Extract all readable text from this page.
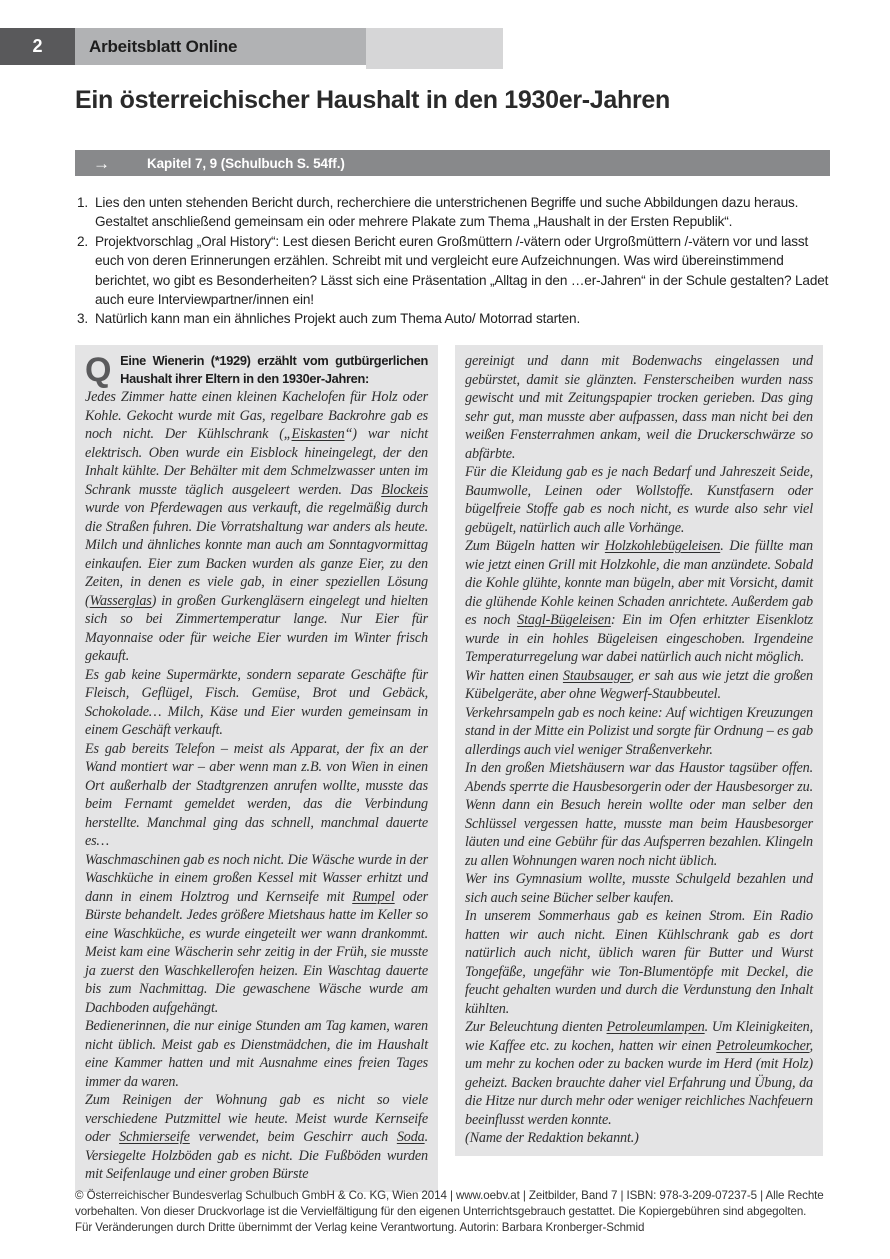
2	Arbeitsblatt Online
Ein österreichischer Haushalt in den 1930er-Jahren
→	Kapitel 7, 9 (Schulbuch S. 54ff.)
1. Lies den unten stehenden Bericht durch, recherchiere die unterstrichenen Begriffe und suche Abbildungen dazu heraus. Gestaltet anschließend gemeinsam ein oder mehrere Plakate zum Thema „Haushalt in der Ersten Republik“.
2. Projektvorschlag „Oral History“: Lest diesen Bericht euren Großmüttern /-vätern oder Urgroßmüttern /-vätern vor und lasst euch von deren Erinnerungen erzählen. Schreibt mit und vergleicht eure Aufzeichnungen. Was wird übereinstimmend berichtet, wo gibt es Besonderheiten? Lässt sich eine Präsentation „Alltag in den …er-Jahren“ in der Schule gestalten? Ladet auch eure Interviewpartner/innen ein!
3. Natürlich kann man ein ähnliches Projekt auch zum Thema Auto/ Motorrad starten.
Q Eine Wienerin (*1929) erzählt vom gutbürgerlichen Haushalt ihrer Eltern in den 1930er-Jahren:

Jedes Zimmer hatte einen kleinen Kachelofen für Holz oder Kohle. Gekocht wurde mit Gas, regelbare Backrohre gab es noch nicht. Der Kühlschrank („Eiskasten“) war nicht elektrisch. Oben wurde ein Eisblock hineingelegt, der den Inhalt kühlte. Der Behälter mit dem Schmelzwasser unten im Schrank musste täglich ausgeleert werden. Das Blockeis wurde von Pferdewagen aus verkauft, die regelmäßig durch die Straßen fuhren. Die Vorratshaltung war anders als heute. Milch und ähnliches konnte man auch am Sonntagvormittag einkaufen. Eier zum Backen wurden als ganze Eier, zu den Zeiten, in denen es viele gab, in einer speziellen Lösung (Wasserglas) in großen Gurkengläsern eingelegt und hielten sich so bei Zimmertemperatur lange. Nur Eier für Mayonnaise oder für weiche Eier wurden im Winter frisch gekauft.

Es gab keine Supermärkte, sondern separate Geschäfte für Fleisch, Geflügel, Fisch. Gemüse, Brot und Gebäck, Schokolade… Milch, Käse und Eier wurden gemeinsam in einem Geschäft verkauft.

Es gab bereits Telefon – meist als Apparat, der fix an der Wand montiert war – aber wenn man z.B. von Wien in einen Ort außerhalb der Stadtgrenzen anrufen wollte, musste das beim Fernamt gemeldet werden, das die Verbindung herstellte. Manchmal ging das schnell, manchmal dauerte es…

Waschmaschinen gab es noch nicht. Die Wäsche wurde in der Waschküche in einem großen Kessel mit Wasser erhitzt und dann in einem Holztrog und Kernseife mit Rumpel oder Bürste behandelt. Jedes größere Mietshaus hatte im Keller so eine Waschküche, es wurde eingeteilt wer wann drankommt. Meist kam eine Wäscherin sehr zeitig in der Früh, sie musste ja zuerst den Waschkellerofen heizen. Ein Waschtag dauerte bis zum Nachmittag. Die gewaschene Wäsche wurde am Dachboden aufgehängt.

Bedienerinnen, die nur einige Stunden am Tag kamen, waren nicht üblich. Meist gab es Dienstmädchen, die im Haushalt eine Kammer hatten und mit Ausnahme eines freien Tages immer da waren.

Zum Reinigen der Wohnung gab es nicht so viele verschiedene Putzmittel wie heute. Meist wurde Kernseife oder Schmierseife verwendet, beim Geschirr auch Soda. Versiegelte Holzböden gab es nicht. Die Fußböden wurden mit Seifenlauge und einer groben Bürste

gereinigt und dann mit Bodenwachs eingelassen und gebürstet, damit sie glänzten. Fensterscheiben wurden nass gewischt und mit Zeitungspapier trocken gerieben. Das ging sehr gut, man musste aber aufpassen, dass man nicht bei den weißen Fensterrahmen ankam, weil die Druckerschwärze so abfärbte.

Für die Kleidung gab es je nach Bedarf und Jahreszeit Seide, Baumwolle, Leinen oder Wollstoffe. Kunstfasern oder bügelfreie Stoffe gab es noch nicht, es wurde also sehr viel gebügelt, natürlich auch alle Vorhänge.

Zum Bügeln hatten wir Holzkohlebügeleisen. Die füllte man wie jetzt einen Grill mit Holzkohle, die man anzündete. Sobald die Kohle glühte, konnte man bügeln, aber mit Vorsicht, damit die glühende Kohle keinen Schaden anrichtete. Außerdem gab es noch Stagl-Bügeleisen: Ein im Ofen erhitzter Eisenklotz wurde in ein hohles Bügeleisen eingeschoben. Irgendeine Temperaturregelung war dabei natürlich auch nicht möglich.

Wir hatten einen Staubsauger, er sah aus wie jetzt die großen Kübelgeräte, aber ohne Wegwerf-Staubbeutel.

Verkehrsampeln gab es noch keine: Auf wichtigen Kreuzungen stand in der Mitte ein Polizist und sorgte für Ordnung – es gab allerdings auch viel weniger Straßenverkehr.

In den großen Mietshäusern war das Haustor tagsüber offen. Abends sperrte die Hausbesorgerin oder der Hausbesorger zu. Wenn dann ein Besuch herein wollte oder man selber den Schlüssel vergessen hatte, musste man beim Hausbesorger läuten und eine Gebühr für das Aufsperren bezahlen. Klingeln zu allen Wohnungen waren noch nicht üblich.

Wer ins Gymnasium wollte, musste Schulgeld bezahlen und sich auch seine Bücher selber kaufen.

In unserem Sommerhaus gab es keinen Strom. Ein Radio hatten wir auch nicht. Einen Kühlschrank gab es dort natürlich auch nicht, üblich waren für Butter und Wurst Tongefäße, ungefähr wie Ton-Blumentöpfe mit Deckel, die feucht gehalten wurden und durch die Verdunstung den Inhalt kühlten.

Zur Beleuchtung dienten Petroleumlampen. Um Kleinigkeiten, wie Kaffee etc. zu kochen, hatten wir einen Petroleumkocher, um mehr zu kochen oder zu backen wurde im Herd (mit Holz) geheizt. Backen brauchte daher viel Erfahrung und Übung, da die Hitze nur durch mehr oder weniger reichliches Nachfeuern beeinflusst werden konnte.

(Name der Redaktion bekannt.)

© Österreichischer Bundesverlag Schulbuch GmbH & Co. KG, Wien 2014 | www.oebv.at | Zeitbilder, Band 7 | ISBN: 978-3-209-07237-5 | Alle Rechte
vorbehalten. Von dieser Druckvorlage ist die Vervielfältigung für den eigenen Unterrichtsgebrauch gestattet. Die Kopiergebühren sind abgegolten.
Für Veränderungen durch Dritte übernimmt der Verlag keine Verantwortung. Autorin: Barbara Kronberger-Schmid
